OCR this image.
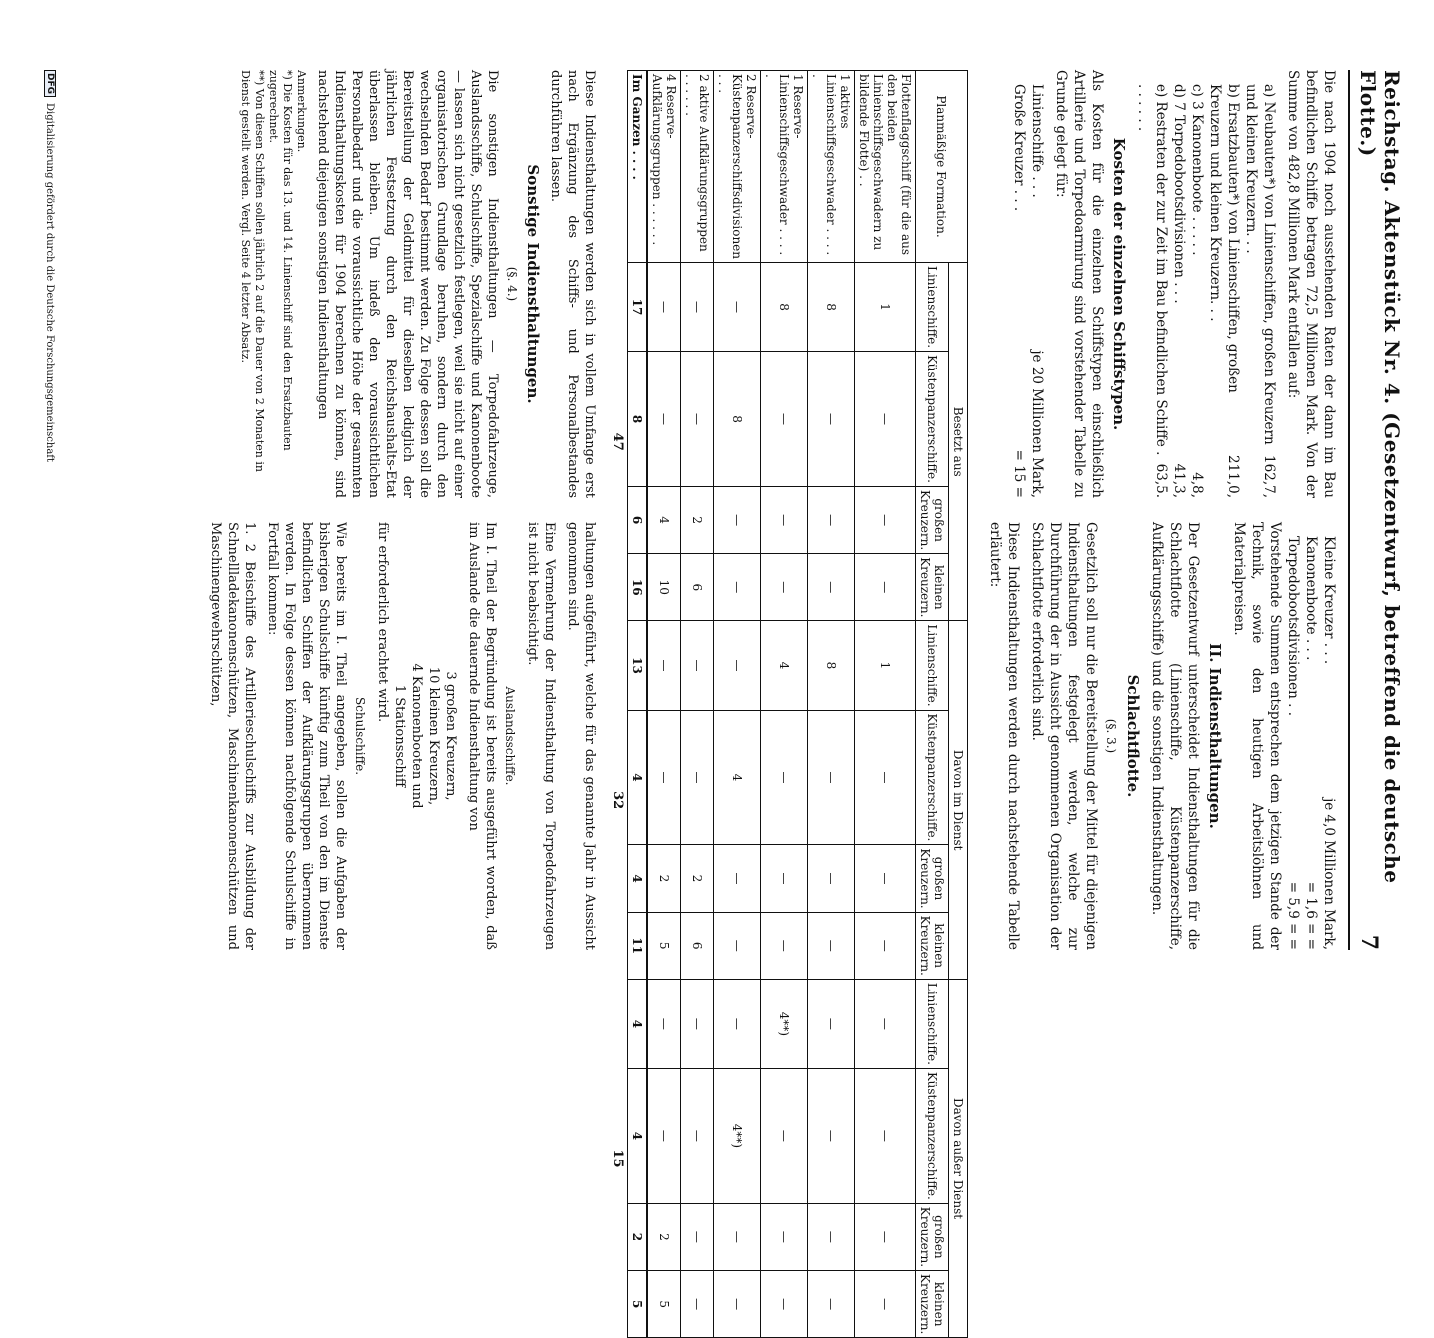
Reichstag. Aktenstück Nr. 4. (Gesetzentwurf, betreffend die deutsche Flotte.)
7

Die nach 1904 noch ausstehenden Raten der dann im Bau befindlichen Schiffe betragen 72,5 Millionen Mark. Von der Summe von 482,8 Millionen Mark entfallen auf:

a) Neubauten*) von Linienschiffen, großen Kreuzern und kleinen Kreuzern. . .
162,7,
b) Ersatzbauten*) von Linienschiffen, großen Kreuzern und kleinen Kreuzern. . .
211,0,
c) 3 Kanonenboote . . . . .
4,8,
d) 7 Torpedobootsdivisionen . . .
41,3,
e) Restraten der zur Zeit im Bau befindlichen Schiffe . . . . . . .
63,5.
Kosten der einzelnen Schiffstypen.

Als Kosten für die einzelnen Schiffstypen einschließlich Artillerie und Torpedoarmirung sind vorstehender Tabelle zu Grunde gelegt für:

Linienschiffe . . .
je 20 Millionen Mark,
Große Kreuzer . . .
= 15 =
Kleine Kreuzer . . .
je 4,0 Millionen Mark,
Kanonenboote . . .
= 1,6 = =
Torpedobootsdivisionen . .
= 5,9 = =

Vorstehende Summen entsprechen dem jetzigen Stande der Technik, sowie den heutigen Arbeitslöhnen und Materialpreisen.

II. Indiensthaltungen.

Der Gesetzentwurf unterscheidet Indiensthaltungen für die Schlachtflotte (Linienschiffe, Küstenpanzerschiffe, Aufklärungsschiffe) und die sonstigen Indiensthaltungen.

Schlachtflotte.
(§. 3.)

Gesetzlich soll nur die Bereitstellung der Mittel für diejenigen Indiensthaltungen festgelegt werden, welche zur Durchführung der in Aussicht genommenen Organisation der Schlachtflotte erforderlich sind.

Diese Indiensthaltungen werden durch nachstehende Tabelle erläutert:

Planmäßige Formation.	Besetzt aus				Davon im Dienst				Davon außer Dienst			
	Linienschiffe.	Küstenpanzerschiffe.	großen Kreuzern.	kleinen Kreuzern.	Linienschiffe.	Küstenpanzerschiffe.	großen Kreuzern.	kleinen Kreuzern.	Linienschiffe.	Küstenpanzerschiffe.	großen Kreuzern.	kleinen Kreuzern.
Flottenflaggschiff (für die aus den beiden Linienschiffsgeschwadern zu bildende Flotte) . .	1	—	—	—	1	—	—	—	—	—	—	—
1 aktives Linienschiffsgeschwader . . . . .	8	—	—	—	8	—	—	—	—	—	—	—
1 Reserve-Linienschiffsgeschwader . . . . .	8	—	—	—	4	—	—	—	4**)	—	—	—
2 Reserve-Küstenpanzerschiffsdivisionen . . .	—	8	—	—	—	4	—	—	—	4**)	—	—
2 aktive Aufklärungsgruppen . . . . . .	—	—	2	6	—	—	2	6	—	—	—	—
4 Reserve-Aufklärungsgruppen . . . . . .	—	—	4	10	—	—	2	5	—	—	2	5
Im Ganzen . . . .	17	8	6	16	13	4	4	11	4	4	2	5
	47				32				15			

Diese Indiensthaltungen werden sich in vollem Umfange erst nach Ergänzung des Schiffs- und Personalbestandes durchführen lassen.

Sonstige Indiensthaltungen.
(§. 4.)

Die sonstigen Indiensthaltungen — Torpedofahrzeuge, Auslandsschiffe, Schulschiffe, Spezialschiffe und Kanonenboote — lassen sich nicht gesetzlich festlegen, weil sie nicht auf einer organisatorischen Grundlage beruhen, sondern durch den wechselnden Bedarf bestimmt werden. Zu Folge dessen soll die Bereitstellung der Geldmittel für dieselben lediglich der jährlichen Festsetzung durch den Reichshaushalts-Etat überlassen bleiben. Um indeß den voraussichtlichen Personalbedarf und die voraussichtliche Höhe der gesammten Indiensthaltungskosten für 1904 berechnen zu können, sind nachstehend diejenigen sonstigen Indiensthaltungen

Anmerkungen.
*) Die Kosten für das 13. und 14. Linienschiff sind den Ersatzbauten zugerechnet.
**) Von diesen Schiffen sollen jährlich 2 auf die Dauer von 2 Monaten in Dienst gestellt werden. Vergl. Seite 4 letzter Absatz.

haltungen aufgeführt, welche für das genannte Jahr in Aussicht genommen sind.

Eine Vermehrung der Indiensthaltung von Torpedofahrzeugen ist nicht beabsichtigt.

Auslandsschiffe.

Im I. Theil der Begründung ist bereits ausgeführt worden, daß im Auslande die dauernde Indiensthaltung von

3 großen Kreuzern,
10 kleinen Kreuzern,
4 Kanonenbooten und
1 Stationsschiff

für erforderlich erachtet wird.

Schulschiffe.

Wie bereits im I. Theil angegeben, sollen die Aufgaben der bisherigen Schulschiffe künftig zum Theil von den im Dienste befindlichen Schiffen der Aufklärungsgruppen übernommen werden. In Folge dessen können nachfolgende Schulschiffe in Fortfall kommen:

1. 2 Beischiffe des Artillerieschulschiffs zur Ausbildung der Schnellladekanonenschützen, Maschinenkanonenschützen und Maschinengewehrschützen,

DFG
Digitalisierung gefördert durch die Deutsche Forschungsgemeinschaft
